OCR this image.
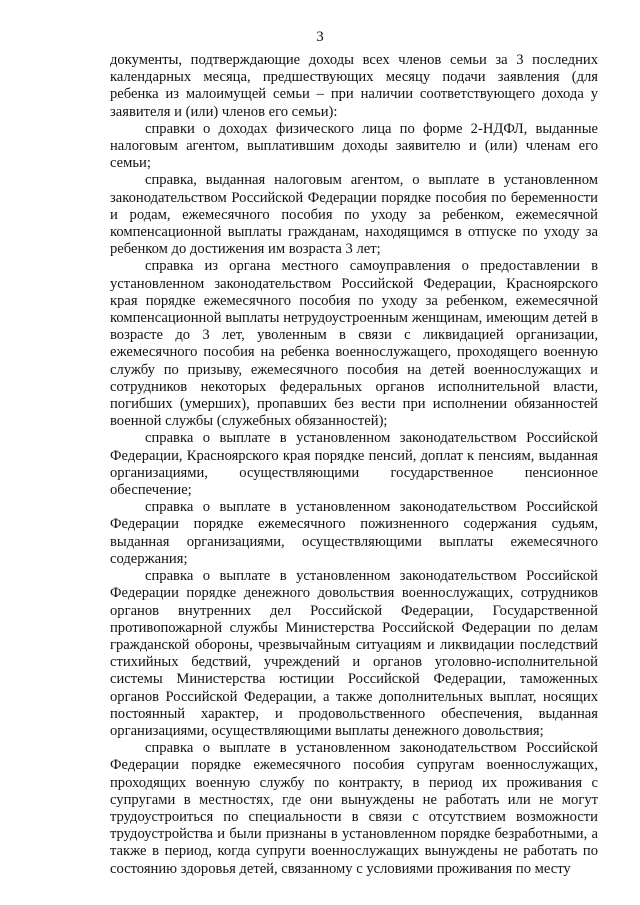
3

документы, подтверждающие доходы всех членов семьи за 3 последних календарных месяца, предшествующих месяцу подачи заявления (для ребенка из малоимущей семьи – при наличии соответствующего дохода у заявителя и (или) членов его семьи):

справки о доходах физического лица по форме 2-НДФЛ, выданные налоговым агентом, выплатившим доходы заявителю и (или) членам его семьи;

справка, выданная налоговым агентом, о выплате в установленном законодательством Российской Федерации порядке пособия по беременности и родам, ежемесячного пособия по уходу за ребенком, ежемесячной компенсационной выплаты гражданам, находящимся в отпуске по уходу за ребенком до достижения им возраста 3 лет;

справка из органа местного самоуправления о предоставлении в установленном законодательством Российской Федерации, Красноярского края порядке ежемесячного пособия по уходу за ребенком, ежемесячной компенсационной выплаты нетрудоустроенным женщинам, имеющим детей в возрасте до 3 лет, уволенным в связи с ликвидацией организации, ежемесячного пособия на ребенка военнослужащего, проходящего военную службу по призыву, ежемесячного пособия на детей военнослужащих и сотрудников некоторых федеральных органов исполнительной власти, погибших (умерших), пропавших без вести при исполнении обязанностей военной службы (служебных обязанностей);

справка о выплате в установленном законодательством Российской Федерации, Красноярского края порядке пенсий, доплат к пенсиям, выданная организациями, осуществляющими государственное пенсионное обеспечение;

справка о выплате в установленном законодательством Российской Федерации порядке ежемесячного пожизненного содержания судьям, выданная организациями, осуществляющими выплаты ежемесячного содержания;

справка о выплате в установленном законодательством Российской Федерации порядке денежного довольствия военнослужащих, сотрудников органов внутренних дел Российской Федерации, Государственной противопожарной службы Министерства Российской Федерации по делам гражданской обороны, чрезвычайным ситуациям и ликвидации последствий стихийных бедствий, учреждений и органов уголовно-исполнительной системы Министерства юстиции Российской Федерации, таможенных органов Российской Федерации, а также дополнительных выплат, носящих постоянный характер, и продовольственного обеспечения, выданная организациями, осуществляющими выплаты денежного довольствия;

справка о выплате в установленном законодательством Российской Федерации порядке ежемесячного пособия супругам военнослужащих, проходящих военную службу по контракту, в период их проживания с супругами в местностях, где они вынуждены не работать или не могут трудоустроиться по специальности в связи с отсутствием возможности трудоустройства и были признаны в установленном порядке безработными, а также в период, когда супруги военнослужащих вынуждены не работать по состоянию здоровья детей, связанному с условиями проживания по месту
